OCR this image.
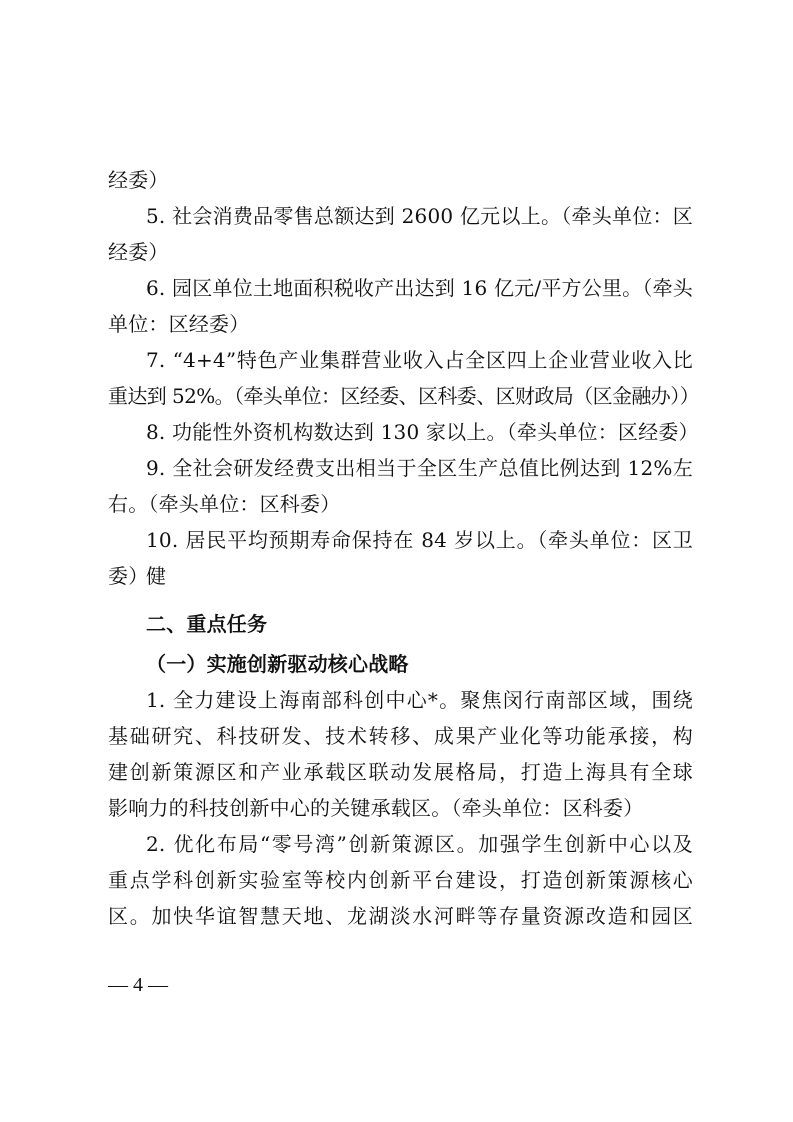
经委）
5. 社会消费品零售总额达到 2600 亿元以上。（牵头单位：区
经委）
6. 园区单位土地面积税收产出达到 16 亿元/平方公里。（牵头
单位：区经委）
7. “4+4”特色产业集群营业收入占全区四上企业营业收入比
重达到 52%。（牵头单位：区经委、区科委、区财政局（区金融办））
8. 功能性外资机构数达到 130 家以上。（牵头单位：区经委）
9. 全社会研发经费支出相当于全区生产总值比例达到 12%左
右。（牵头单位：区科委）
10. 居民平均预期寿命保持在 84 岁以上。（牵头单位：区卫健
委）
二、重点任务
（一）实施创新驱动核心战略
1. 全力建设上海南部科创中心*。聚焦闵行南部区域，围绕
基础研究、科技研发、技术转移、成果产业化等功能承接，构
建创新策源区和产业承载区联动发展格局，打造上海具有全球
影响力的科技创新中心的关键承载区。（牵头单位：区科委）
2. 优化布局“零号湾”创新策源区。加强学生创新中心以及
重点学科创新实验室等校内创新平台建设，打造创新策源核心
区。加快华谊智慧天地、龙湖淡水河畔等存量资源改造和园区
— 4 —
